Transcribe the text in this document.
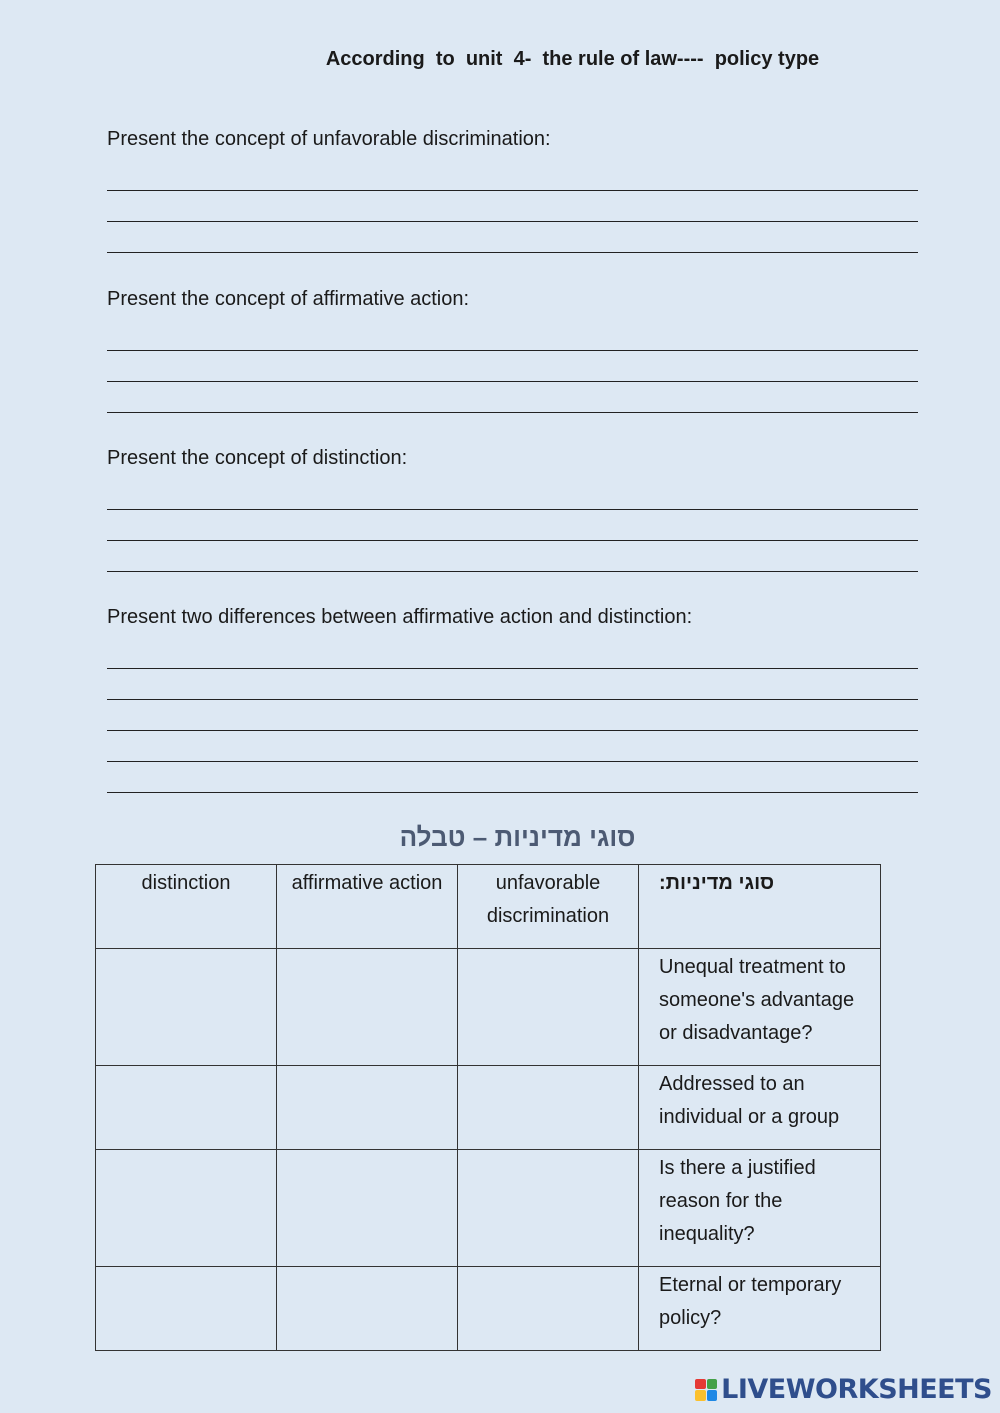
According  to  unit  4-  the rule of law----  policy type

Present the concept of unfavorable discrimination:

Present the concept of affirmative action:

Present the concept of distinction:

Present two differences between affirmative action and distinction:

סוגי מדיניות – טבלה
distinction	affirmative action	unfavorable discrimination	סוגי מדיניות:
			Unequal treatment to someone's advantage or disadvantage?
			Addressed to an individual or a group
			Is there a justified reason for the inequality?
			Eternal or temporary policy?
LIVEWORKSHEETS
